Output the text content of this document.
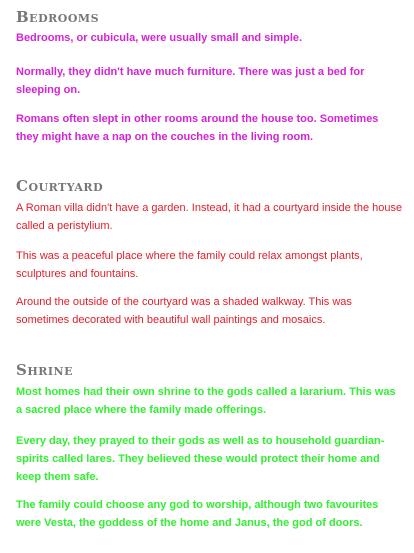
Bedrooms

Bedrooms, or cubicula, were usually small and simple.

Normally, they didn't have much furniture. There was just a bed for sleeping on.

Romans often slept in other rooms around the house too. Sometimes they might have a nap on the couches in the living room.

Courtyard

A Roman villa didn't have a garden. Instead, it had a courtyard inside the house called a peristylium.

This was a peaceful place where the family could relax amongst plants, sculptures and fountains.

Around the outside of the courtyard was a shaded walkway. This was sometimes decorated with beautiful wall paintings and mosaics.

Shrine

Most homes had their own shrine to the gods called a lararium. This was a sacred place where the family made offerings.

Every day, they prayed to their gods as well as to household guardian-spirits called lares. They believed these would protect their home and keep them safe.

The family could choose any god to worship, although two favourites were Vesta, the goddess of the home and Janus, the god of doors.
